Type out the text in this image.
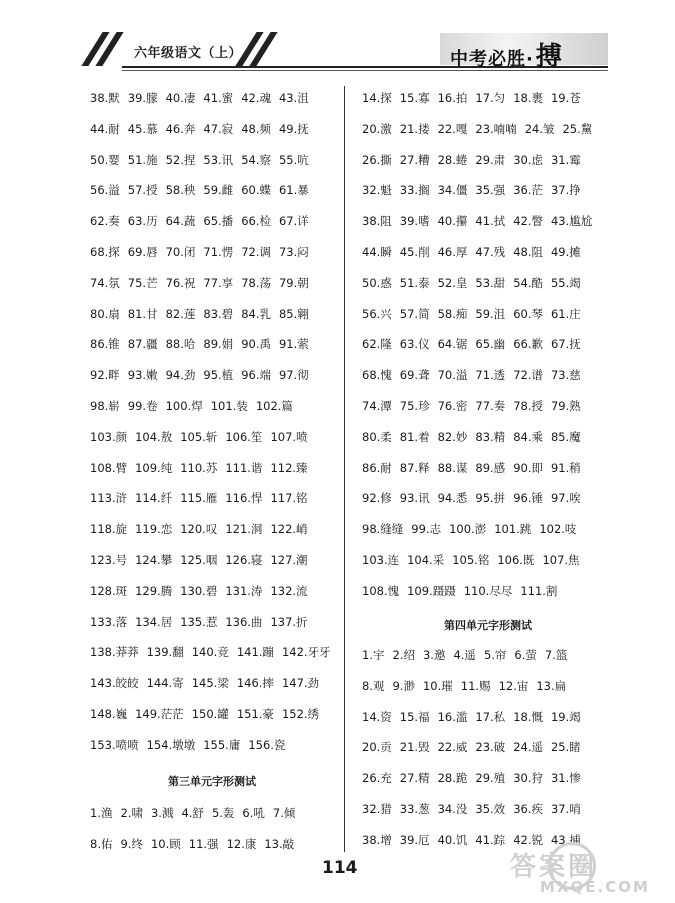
六年级语文（上）	中考必胜·搏
38.默 39.朦 40.凄 41.蜜 42.魂 43.沮
44.耐 45.慕 46.奔 47.寂 48.频 49.抚
50.婴 51.施 52.捏 53.讯 54.察 55.吭
56.溢 57.授 58.秧 59.雌 60.蝶 61.暴
62.奏 63.历 64.蔬 65.播 66.检 67.详
68.探 69.唇 70.闭 71.愣 72.调 73.闷
74.氛 75.芒 76.祝 77.享 78.荡 79.朝
80.扇 81.甘 82.莲 83.碧 84.乳 85.翱
86.锥 87.疆 88.哈 89.娟 90.禹 91.萦
92.畔 93.嫩 94.劲 95.植 96.端 97.彻
98.崭 99.卷 100.焊 101.装 102.篇
103.颜 104.敖 105.斩 106.笙 107.喷
108.臂 109.纯 110.苏 111.谐 112.臻
113.浒 114.纤 115.雁 116.悍 117.铭
118.旋 119.恋 120.叹 121.洞 122.峭
123.号 124.攀 125.咽 126.寝 127.潮
128.斑 129.腾 130.碧 131.涛 132.流
133.落 134.居 135.惹 136.曲 137.折
138.莽莽 139.翻 140.竞 141.蹦 142.牙牙
143.皎皎 144.寄 145.梁 146.摔 147.劲
148.巍 149.茫茫 150.罐 151.豪 152.绣
153.喷喷 154.墩墩 155.庸 156.瓷
第三单元字形测试
1.渔 2.啸 3.溅 4.舒 5.轰 6.吼 7.倾
8.佑 9.终 10.顾 11.强 12.康 13.敲
14.探 15.寡 16.拍 17.匀 18.裹 19.苍
20.激 21.搂 22.嘎 23.喃喃 24.皱 25.黧
26.撕 27.糟 28.蜷 29.肃 30.虑 31.霉
32.魁 33.搁 34.僵 35.强 36.茫 37.挣
38.阻 39.嗜 40.攥 41.拭 42.瞥 43.尴尬
44.瞬 45.削 46.厚 47.残 48.阻 49.摊
50.惑 51.泰 52.皇 53.甜 54.酷 55.竭
56.兴 57.简 58.痴 59.沮 60.琴 61.庄
62.隆 63.仪 64.锯 65.幽 66.歉 67.抚
68.愧 69.聋 70.溢 71.透 72.谱 73.慈
74.潭 75.珍 76.密 77.奏 78.授 79.熟
80.柔 81.着 82.妙 83.精 84.乘 85.魔
86.耐 87.释 88.谋 89.感 90.即 91.稍
92.修 93.讯 94.悉 95.拼 96.锤 97.唉
98.缝缝 99.志 100.澎 101.跳 102.吱
103.连 104.采 105.铭 106.既 107.焦
108.愧 109.蹑蹑 110.尽尽 111.割
第四单元字形测试
1.宇 2.绍 3.邀 4.遥 5.帘 6.萤 7.篮
8.观 9.渺 10.璀 11.赐 12.宙 13.扁
14.资 15.福 16.滥 17.私 18.慨 19.竭
20.贡 21.毁 22.威 23.破 24.遥 25.睹
26.充 27.精 28.跪 29.殖 30.狩 31.惨
32.猎 33.葱 34.没 35.效 36.疾 37.哨
38.增 39.厄 40.饥 41.踪 42.锐 43.捕
114	答案圈
MXQE.COM
